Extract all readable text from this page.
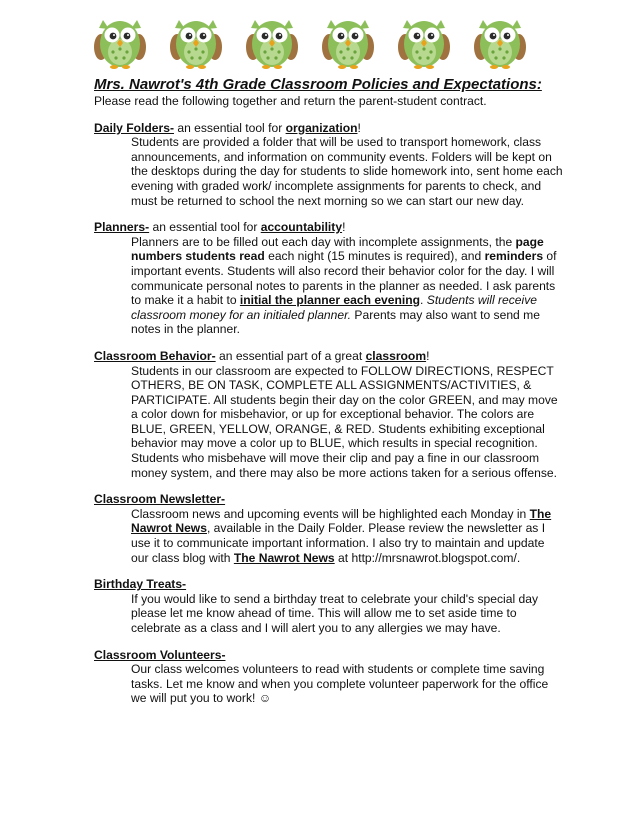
Mrs. Nawrot's 4th Grade Classroom Policies and Expectations:

Please read the following together and return the parent-student contract.

Daily Folders- an essential tool for organization!

Students are provided a folder that will be used to transport homework, class announcements, and information on community events. Folders will be kept on the desktops during the day for students to slide homework into, sent home each evening with graded work/ incomplete assignments for parents to check, and must be returned to school the next morning so we can start our new day.

Planners- an essential tool for accountability!

Planners are to be filled out each day with incomplete assignments, the page numbers students read each night (15 minutes is required), and reminders of important events. Students will also record their behavior color for the day. I will communicate personal notes to parents in the planner as needed. I ask parents to make it a habit to initial the planner each evening. Students will receive classroom money for an initialed planner. Parents may also want to send me notes in the planner.

Classroom Behavior- an essential part of a great classroom!

Students in our classroom are expected to FOLLOW DIRECTIONS, RESPECT OTHERS, BE ON TASK, COMPLETE ALL ASSIGNMENTS/ACTIVITIES, & PARTICIPATE. All students begin their day on the color GREEN, and may move a color down for misbehavior, or up for exceptional behavior. The colors are BLUE, GREEN, YELLOW, ORANGE, & RED. Students exhibiting exceptional behavior may move a color up to BLUE, which results in special recognition. Students who misbehave will move their clip and pay a fine in our classroom money system, and there may also be more actions taken for a serious offense.

Classroom Newsletter-

Classroom news and upcoming events will be highlighted each Monday in The Nawrot News, available in the Daily Folder. Please review the newsletter as I use it to communicate important information. I also try to maintain and update our class blog with The Nawrot News at http://mrsnawrot.blogspot.com/.

Birthday Treats-

If you would like to send a birthday treat to celebrate your child's special day please let me know ahead of time. This will allow me to set aside time to celebrate as a class and I will alert you to any allergies we may have.

Classroom Volunteers-

Our class welcomes volunteers to read with students or complete time saving tasks. Let me know and when you complete volunteer paperwork for the office we will put you to work! ☺
